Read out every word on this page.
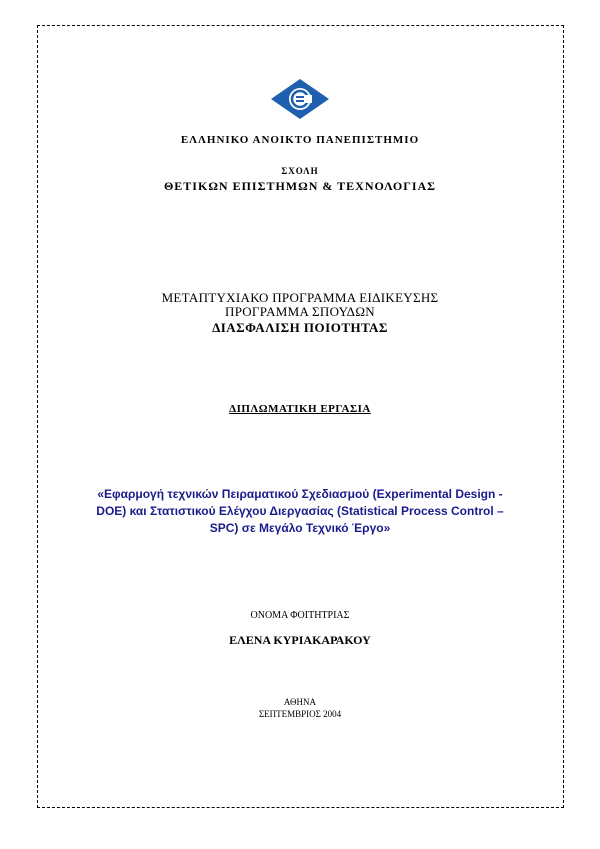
ΕΛΛΗΝΙΚΟ ΑΝΟΙΚΤΟ ΠΑΝΕΠΙΣΤΗΜΙΟ
ΣΧΟΛΗ
ΘΕΤΙΚΩΝ ΕΠΙΣΤΗΜΩΝ & ΤΕΧΝΟΛΟΓΙΑΣ
ΜΕΤΑΠΤΥΧΙΑΚΟ ΠΡΟΓΡΑΜΜΑ ΕΙΔΙΚΕΥΣΗΣ
ΠΡΟΓΡΑΜΜΑ ΣΠΟΥΔΩΝ
ΔΙΑΣΦΑΛΙΣΗ ΠΟΙΟΤΗΤΑΣ
ΔΙΠΛΩΜΑΤΙΚΗ ΕΡΓΑΣΙΑ
«Εφαρμογή τεχνικών Πειραματικού Σχεδιασμού (Experimental Design -
DOE) και Στατιστικού Ελέγχου Διεργασίας (Statistical Process Control –
SPC) σε Μεγάλο Τεχνικό Έργο»
ΟΝΟΜΑ ΦΟΙΤΗΤΡΙΑΣ
ΕΛΕΝΑ ΚΥΡΙΑΚΑΡΑΚΟΥ
ΑΘΗΝΑ
ΣΕΠΤΕΜΒΡΙΟΣ 2004
